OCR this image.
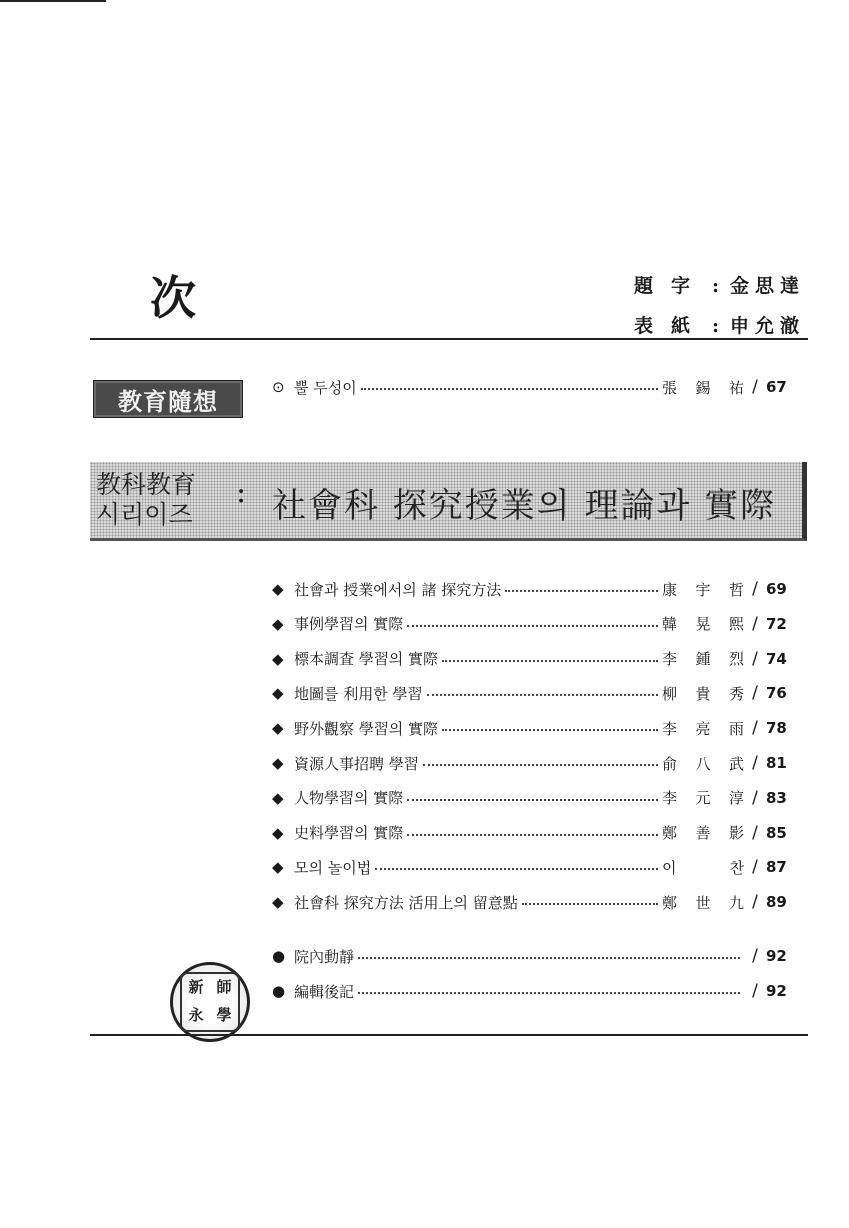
次	題字 : 金思達
表紙 : 申允澈
教育隨想	⊙ 뿔 두성이	張 錫 祐 / 67
教科教育
시리이즈
: 社會科 探究授業의 理論과 實際
◆ 社會과 授業에서의 諸 探究方法	康 宇 哲 / 69
◆ 事例學習의 實際	韓 晃 熙 / 72
◆ 標本調査 學習의 實際	李 鍾 烈 / 74
◆ 地圖를 利用한 學習	柳 貴 秀 / 76
◆ 野外觀察 學習의 實際	李 亮 雨 / 78
◆ 資源人事招聘 學習	俞 八 武 / 81
◆ 人物學習의 實際	李 元 淳 / 83
◆ 史料學習의 實際	鄭 善 影 / 85
◆ 모의 놀이법	이	찬 / 87
◆ 社會科 探究方法 活用上의 留意點	鄭 世 九 / 89
● 院內動靜	/ 92
● 編輯後記	/ 92
新 師
永 學
